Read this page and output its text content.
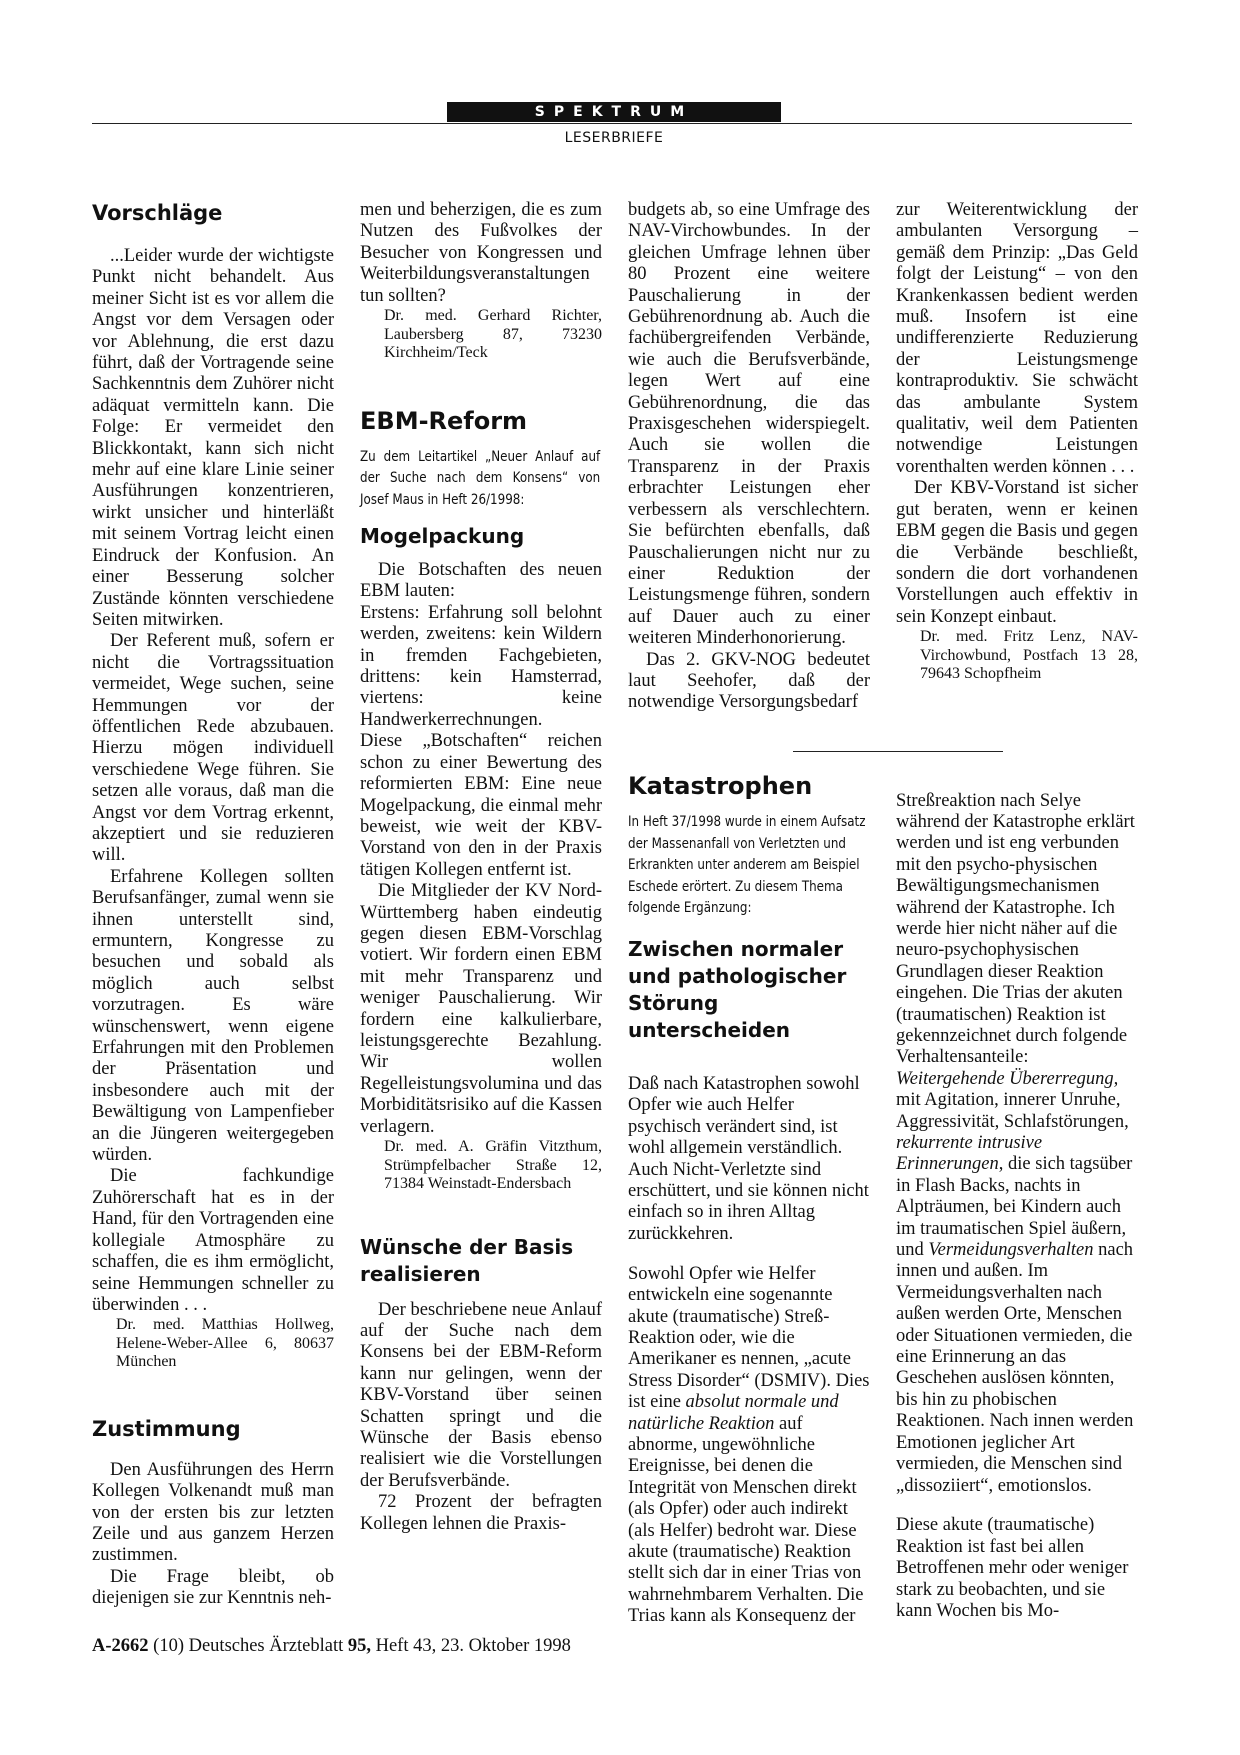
SPEKTRUM
LESERBRIEFE
Vorschläge

...Leider wurde der wichtigste Punkt nicht behandelt. Aus meiner Sicht ist es vor allem die Angst vor dem Versagen oder vor Ablehnung, die erst dazu führt, daß der Vortragende seine Sachkenntnis dem Zuhörer nicht adäquat vermitteln kann. Die Folge: Er vermeidet den Blickkontakt, kann sich nicht mehr auf eine klare Linie seiner Ausführungen konzentrieren, wirkt unsicher und hinterläßt mit seinem Vortrag leicht einen Eindruck der Konfusion. An einer Besserung solcher Zustände könnten verschiedene Seiten mitwirken.

Der Referent muß, sofern er nicht die Vortragssituation vermeidet, Wege suchen, seine Hemmungen vor der öffentlichen Rede abzubauen. Hierzu mögen individuell verschiedene Wege führen. Sie setzen alle voraus, daß man die Angst vor dem Vortrag erkennt, akzeptiert und sie reduzieren will.

Erfahrene Kollegen sollten Berufsanfänger, zumal wenn sie ihnen unterstellt sind, ermuntern, Kongresse zu besuchen und sobald als möglich auch selbst vorzutragen. Es wäre wünschenswert, wenn eigene Erfahrungen mit den Problemen der Präsentation und insbesondere auch mit der Bewältigung von Lampenfieber an die Jüngeren weitergegeben würden.

Die fachkundige Zuhörerschaft hat es in der Hand, für den Vortragenden eine kollegiale Atmosphäre zu schaffen, die es ihm ermöglicht, seine Hemmungen schneller zu überwinden . . .

Dr. med. Matthias Hollweg, Helene-Weber-Allee 6, 80637 München

Zustimmung

Den Ausführungen des Herrn Kollegen Volkenandt muß man von der ersten bis zur letzten Zeile und aus ganzem Herzen zustimmen.

Die Frage bleibt, ob diejenigen sie zur Kenntnis neh-

men und beherzigen, die es zum Nutzen des Fußvolkes der Besucher von Kongressen und Weiterbildungsveranstaltungen tun sollten?

Dr. med. Gerhard Richter, Laubersberg 87, 73230 Kirchheim/Teck

EBM-Reform

Zu dem Leitartikel „Neuer Anlauf auf der Suche nach dem Konsens“ von Josef Maus in Heft 26/1998:

Mogelpackung

Die Botschaften des neuen EBM lauten:

Erstens: Erfahrung soll belohnt werden, zweitens: kein Wildern in fremden Fachgebieten, drittens: kein Hamsterrad, viertens: keine Handwerkerrechnungen.

Diese „Botschaften“ reichen schon zu einer Bewertung des reformierten EBM: Eine neue Mogelpackung, die einmal mehr beweist, wie weit der KBV-Vorstand von den in der Praxis tätigen Kollegen entfernt ist.

Die Mitglieder der KV Nord-Württemberg haben eindeutig gegen diesen EBM-Vorschlag votiert. Wir fordern einen EBM mit mehr Transparenz und weniger Pauschalierung. Wir fordern eine kalkulierbare, leistungsgerechte Bezahlung. Wir wollen Regelleistungsvolumina und das Morbiditätsrisiko auf die Kassen verlagern.

Dr. med. A. Gräfin Vitzthum, Strümpfelbacher Straße 12, 71384 Weinstadt-Endersbach

Wünsche der Basis realisieren

Der beschriebene neue Anlauf auf der Suche nach dem Konsens bei der EBM-Reform kann nur gelingen, wenn der KBV-Vorstand über seinen Schatten springt und die Wünsche der Basis ebenso realisiert wie die Vorstellungen der Berufsverbände.

72 Prozent der befragten Kollegen lehnen die Praxis-

budgets ab, so eine Umfrage des NAV-Virchowbundes. In der gleichen Umfrage lehnen über 80 Prozent eine weitere Pauschalierung in der Gebührenordnung ab. Auch die fachübergreifenden Verbände, wie auch die Berufsverbände, legen Wert auf eine Gebührenordnung, die das Praxisgeschehen widerspiegelt. Auch sie wollen die Transparenz in der Praxis erbrachter Leistungen eher verbessern als verschlechtern. Sie befürchten ebenfalls, daß Pauschalierungen nicht nur zu einer Reduktion der Leistungsmenge führen, sondern auf Dauer auch zu einer weiteren Minderhonorierung.

Das 2. GKV-NOG bedeutet laut Seehofer, daß der notwendige Versorgungsbedarf

zur Weiterentwicklung der ambulanten Versorgung – gemäß dem Prinzip: „Das Geld folgt der Leistung“ – von den Krankenkassen bedient werden muß. Insofern ist eine undifferenzierte Reduzierung der Leistungsmenge kontraproduktiv. Sie schwächt das ambulante System qualitativ, weil dem Patienten notwendige Leistungen vorenthalten werden können . . .

Der KBV-Vorstand ist sicher gut beraten, wenn er keinen EBM gegen die Basis und gegen die Verbände beschließt, sondern die dort vorhandenen Vorstellungen auch effektiv in sein Konzept einbaut.

Dr. med. Fritz Lenz, NAV-Virchowbund, Postfach 13 28, 79643 Schopfheim

Katastrophen

In Heft 37/1998 wurde in einem Aufsatz der Massenanfall von Verletzten und Erkrankten unter anderem am Beispiel Eschede erörtert. Zu diesem Thema folgende Ergänzung:

Zwischen normaler und pathologischer Störung unterscheiden

Daß nach Katastrophen sowohl Opfer wie auch Helfer psychisch verändert sind, ist wohl allgemein verständlich. Auch Nicht-Verletzte sind erschüttert, und sie können nicht einfach so in ihren Alltag zurückkehren.

Sowohl Opfer wie Helfer entwickeln eine sogenannte akute (traumatische) Streß-Reaktion oder, wie die Amerikaner es nennen, „acute Stress Disorder“ (DSMIV). Dies ist eine absolut normale und natürliche Reaktion auf abnorme, ungewöhnliche Ereignisse, bei denen die Integrität von Menschen direkt (als Opfer) oder auch indirekt (als Helfer) bedroht war. Diese akute (traumatische) Reaktion stellt sich dar in einer Trias von wahrnehmbarem Verhalten. Die Trias kann als Konsequenz der

Streßreaktion nach Selye während der Katastrophe erklärt werden und ist eng verbunden mit den psycho-physischen Bewältigungsmechanismen während der Katastrophe. Ich werde hier nicht näher auf die neuro-psychophysischen Grundlagen dieser Reaktion eingehen. Die Trias der akuten (traumatischen) Reaktion ist gekennzeichnet durch folgende Verhaltensanteile: Weitergehende Übererregung, mit Agitation, innerer Unruhe, Aggressivität, Schlafstörungen, rekurrente intrusive Erinnerungen, die sich tagsüber in Flash Backs, nachts in Alpträumen, bei Kindern auch im traumatischen Spiel äußern, und Vermeidungsverhalten nach innen und außen. Im Vermeidungsverhalten nach außen werden Orte, Menschen oder Situationen vermieden, die eine Erinnerung an das Geschehen auslösen könnten, bis hin zu phobischen Reaktionen. Nach innen werden Emotionen jeglicher Art vermieden, die Menschen sind „dissoziiert“, emotionslos.

Diese akute (traumatische) Reaktion ist fast bei allen Betroffenen mehr oder weniger stark zu beobachten, und sie kann Wochen bis Mo-

A-2662 (10) Deutsches Ärzteblatt 95, Heft 43, 23. Oktober 1998
